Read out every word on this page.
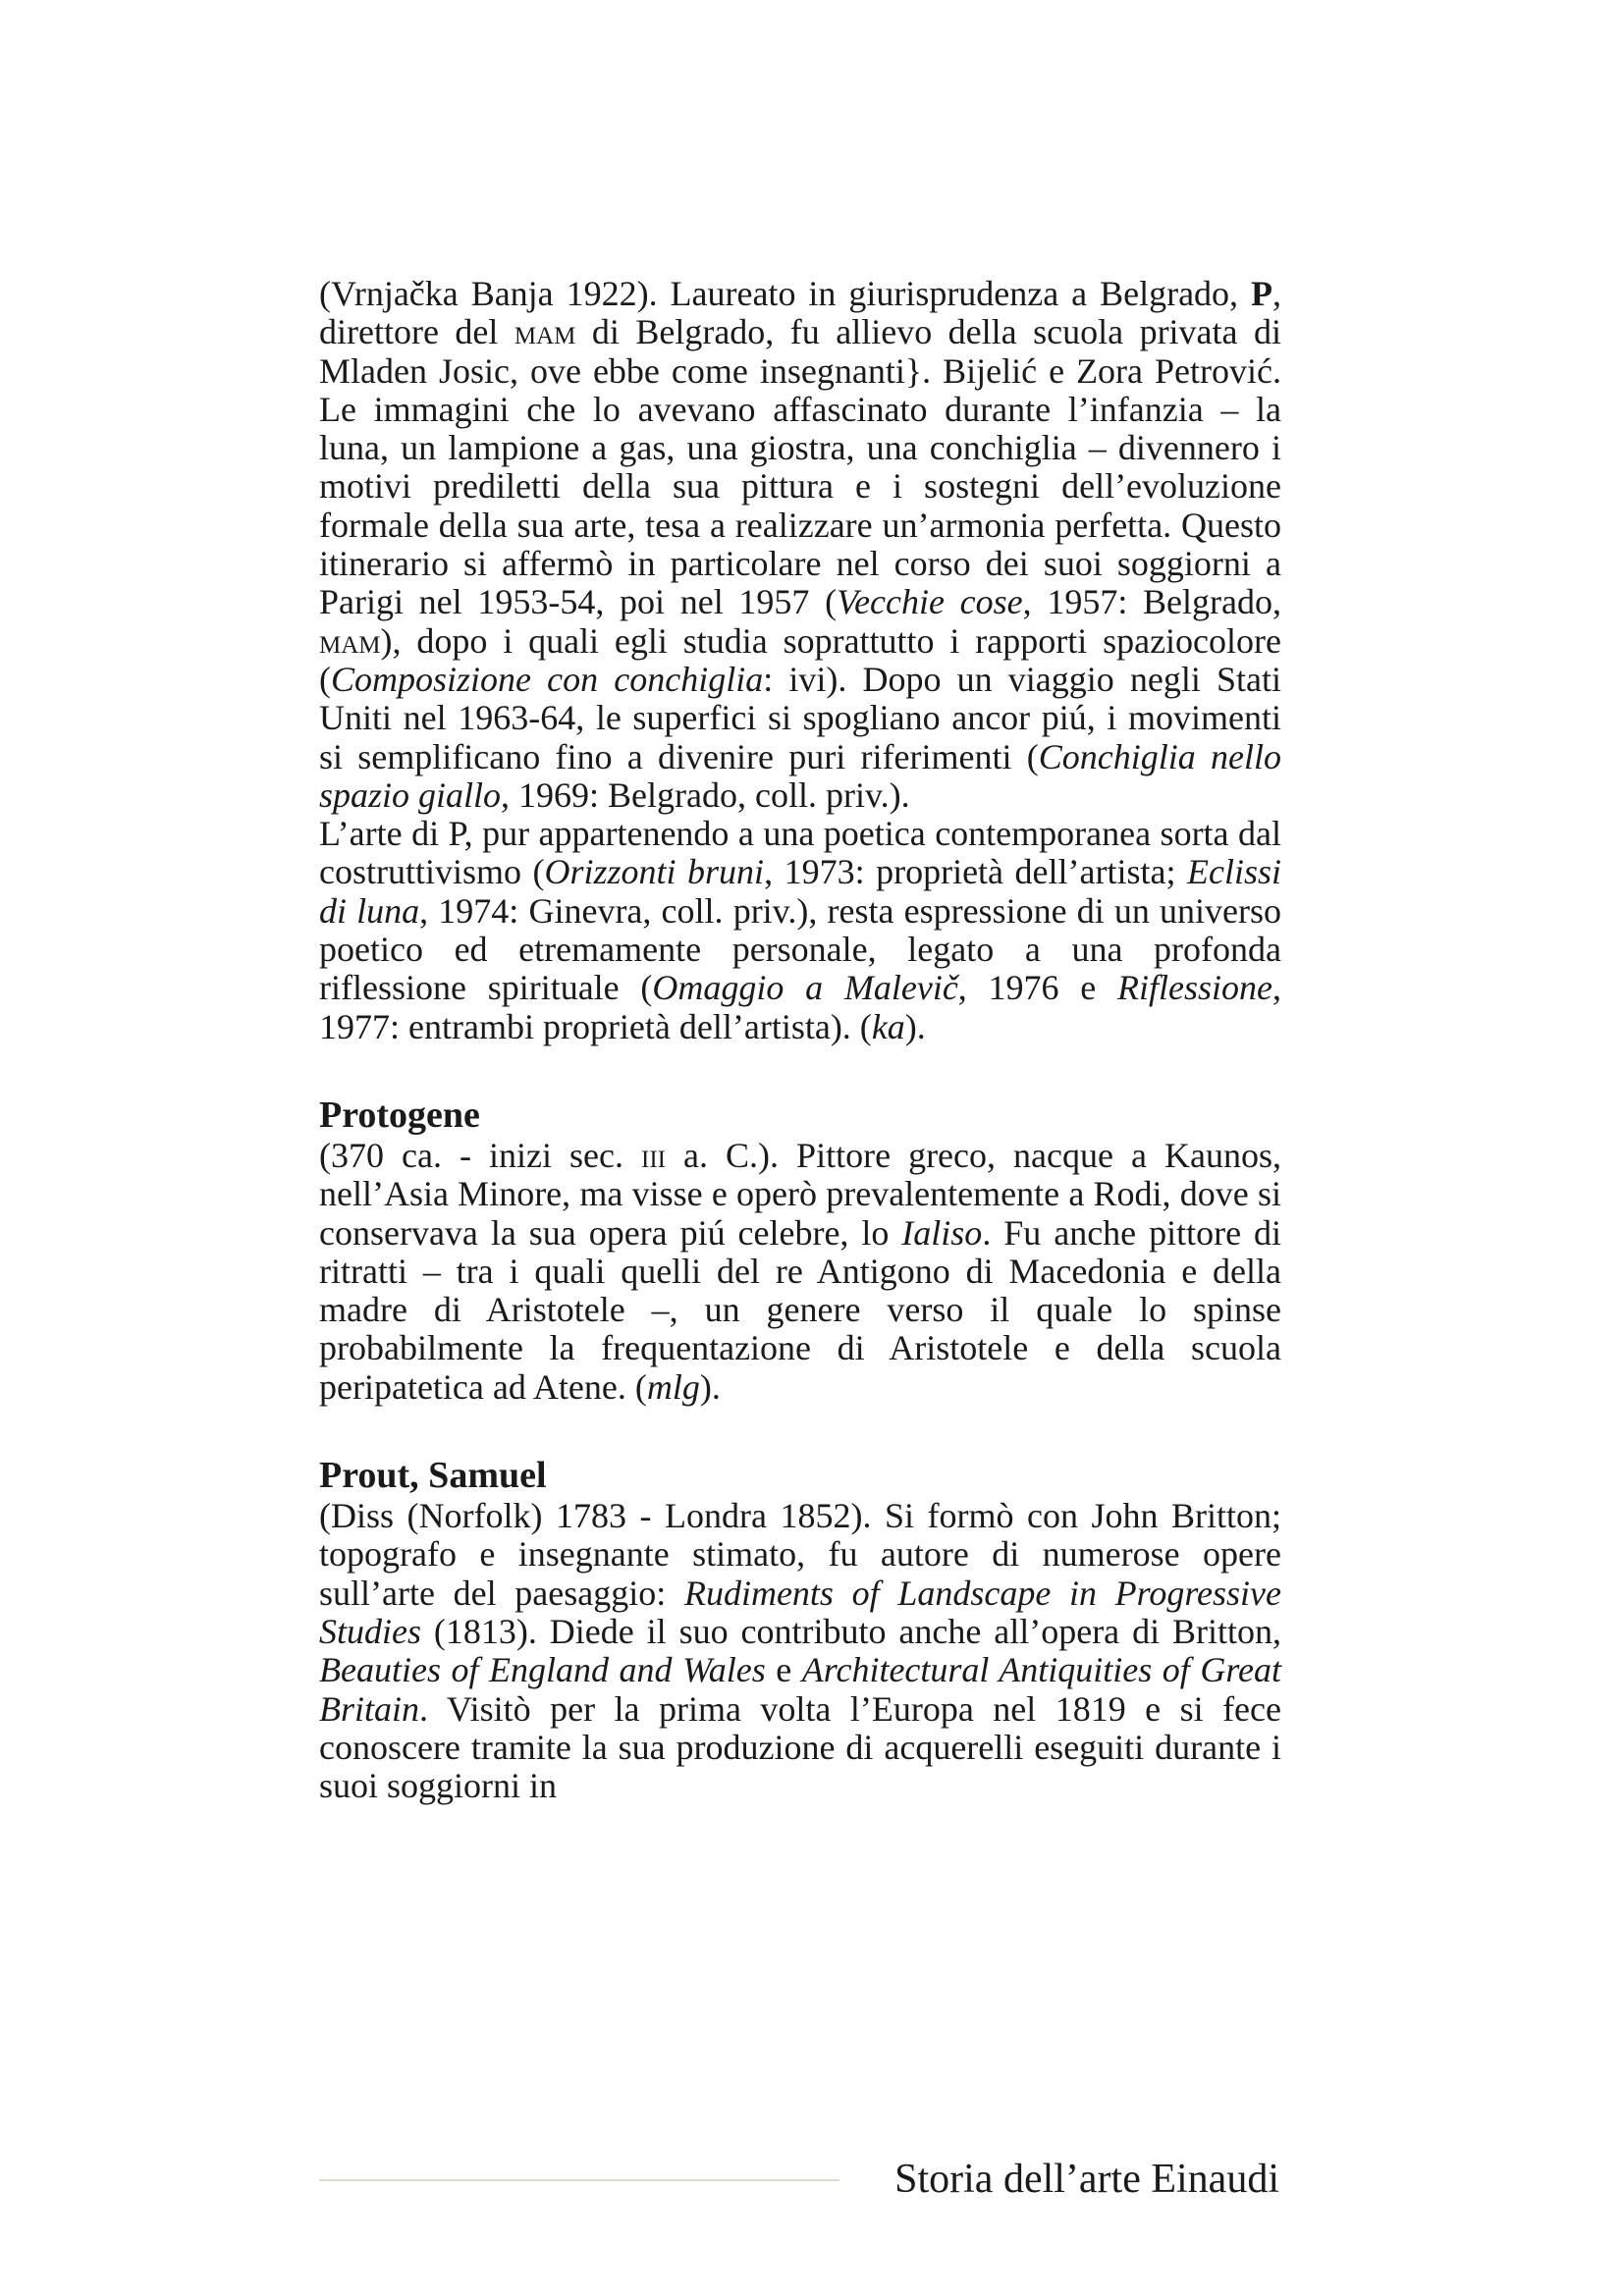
(Vrnjačka Banja 1922). Laureato in giurisprudenza a Belgrado, P, direttore del mam di Belgrado, fu allievo della scuola privata di Mladen Josic, ove ebbe come insegnanti}. Bijelić e Zora Petrović. Le immagini che lo avevano affascinato durante l’infanzia – la luna, un lampione a gas, una giostra, una conchiglia – divennero i motivi prediletti della sua pittura e i sostegni dell’evoluzione formale della sua arte, tesa a realizzare un’armonia perfetta. Questo itinerario si affermò in particolare nel corso dei suoi soggiorni a Parigi nel 1953-54, poi nel 1957 (Vecchie cose, 1957: Belgrado, mam), dopo i quali egli studia soprattutto i rapporti spaziocolore (Composizione con conchiglia: ivi). Dopo un viaggio negli Stati Uniti nel 1963-64, le superfici si spogliano ancor piú, i movimenti si semplificano fino a divenire puri riferimenti (Conchiglia nello spazio giallo, 1969: Belgrado, coll. priv.).

L’arte di P, pur appartenendo a una poetica contemporanea sorta dal costruttivismo (Orizzonti bruni, 1973: proprietà dell’artista; Eclissi di luna, 1974: Ginevra, coll. priv.), resta espressione di un universo poetico ed etremamente personale, legato a una profonda riflessione spirituale (Omaggio a Malevič, 1976 e Riflessione, 1977: entrambi proprietà dell’artista). (ka).

Protogene

(370 ca. - inizi sec. iii a. C.). Pittore greco, nacque a Kaunos, nell’Asia Minore, ma visse e operò prevalentemente a Rodi, dove si conservava la sua opera piú celebre, lo Ialiso. Fu anche pittore di ritratti – tra i quali quelli del re Antigono di Macedonia e della madre di Aristotele –, un genere verso il quale lo spinse probabilmente la frequentazione di Aristotele e della scuola peripatetica ad Atene. (mlg).

Prout, Samuel

(Diss (Norfolk) 1783 - Londra 1852). Si formò con John Britton; topografo e insegnante stimato, fu autore di numerose opere sull’arte del paesaggio: Rudiments of Landscape in Progressive Studies (1813). Diede il suo contributo anche all’opera di Britton, Beauties of England and Wales e Architectural Antiquities of Great Britain. Visitò per la prima volta l’Europa nel 1819 e si fece conoscere tramite la sua produzione di acquerelli eseguiti durante i suoi soggiorni in

Storia dell’arte Einaudi
